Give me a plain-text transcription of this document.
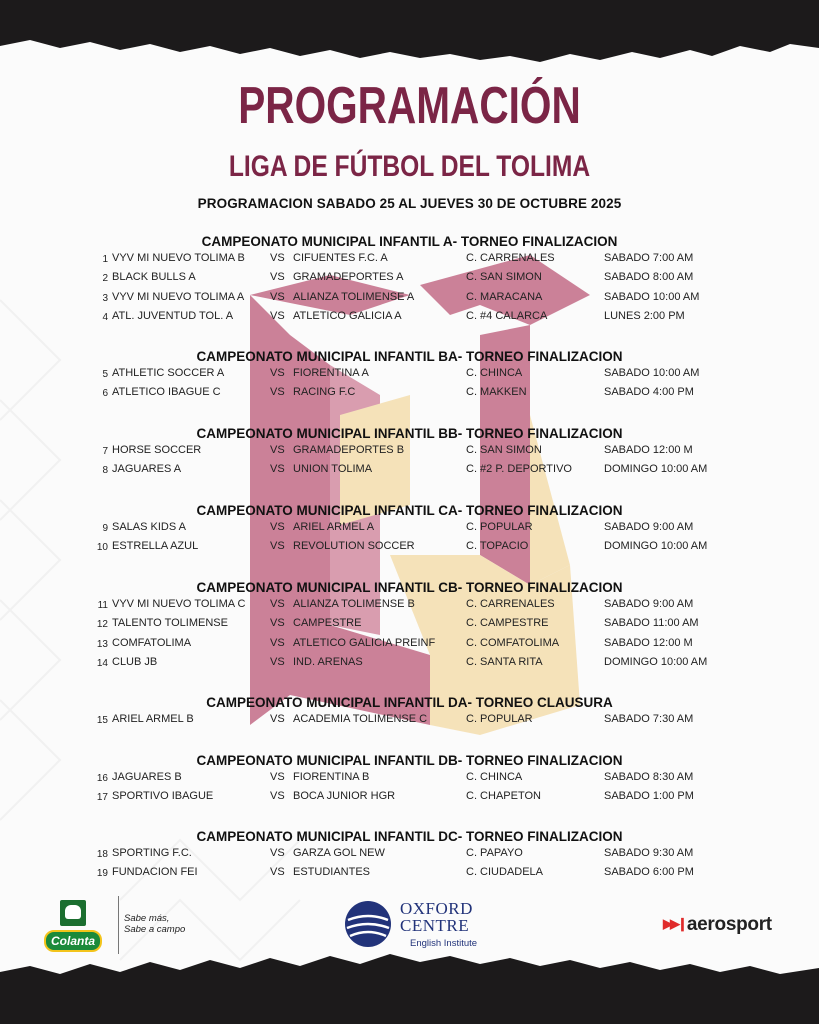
PROGRAMACIÓN
LIGA DE FÚTBOL DEL TOLIMA
PROGRAMACION SABADO 25 AL JUEVES 30 DE OCTUBRE 2025
CAMPEONATO MUNICIPAL INFANTIL A- TORNEO FINALIZACION
1 VYV MI NUEVO TOLIMA B VS CIFUENTES F.C. A	C. CARRENALES	SABADO 7:00 AM
2 BLACK BULLS A	VS GRAMADEPORTES A	C. SAN SIMON	SABADO 8:00 AM
3 VYV MI NUEVO TOLIMA A VS ALIANZA TOLIMENSE A	C. MARACANA	SABADO 10:00 AM
4 ATL. JUVENTUD TOL. A	VS ATLETICO GALICIA A	C. #4 CALARCA	LUNES 2:00 PM
CAMPEONATO MUNICIPAL INFANTIL BA- TORNEO FINALIZACION
5 ATHLETIC SOCCER A	VS FIORENTINA A	C. CHINCA	SABADO 10:00 AM
6 ATLETICO IBAGUE C	VS RACING F.C	C. MAKKEN	SABADO 4:00 PM
CAMPEONATO MUNICIPAL INFANTIL BB- TORNEO FINALIZACION
7 HORSE SOCCER	VS GRAMADEPORTES B	C. SAN SIMON	SABADO 12:00 M
8 JAGUARES A	VS UNION TOLIMA	C. #2 P. DEPORTIVO	DOMINGO 10:00 AM
CAMPEONATO MUNICIPAL INFANTIL CA- TORNEO FINALIZACION
9 SALAS KIDS A	VS ARIEL ARMEL A	C. POPULAR	SABADO 9:00 AM
10 ESTRELLA AZUL	VS REVOLUTION SOCCER	C. TOPACIO	DOMINGO 10:00 AM
CAMPEONATO MUNICIPAL INFANTIL CB- TORNEO FINALIZACION
11 VYV MI NUEVO TOLIMA C VS ALIANZA TOLIMENSE B	C. CARRENALES	SABADO 9:00 AM
12 TALENTO TOLIMENSE	VS CAMPESTRE	C. CAMPESTRE	SABADO 11:00 AM
13 COMFATOLIMA	VS ATLETICO GALICIA PREINF	C. COMFATOLIMA	SABADO 12:00 M
14 CLUB JB	VS IND. ARENAS	C. SANTA RITA	DOMINGO 10:00 AM
CAMPEONATO MUNICIPAL INFANTIL DA- TORNEO CLAUSURA
15 ARIEL ARMEL B	VS ACADEMIA TOLIMENSE C	C. POPULAR	SABADO 7:30 AM
CAMPEONATO MUNICIPAL INFANTIL DB- TORNEO FINALIZACION
16 JAGUARES B	VS FIORENTINA B	C. CHINCA	SABADO 8:30 AM
17 SPORTIVO IBAGUE	VS BOCA JUNIOR HGR	C. CHAPETON	SABADO 1:00 PM
CAMPEONATO MUNICIPAL INFANTIL DC- TORNEO FINALIZACION
18 SPORTING F.C.	VS GARZA GOL NEW	C. PAPAYO	SABADO 9:30 AM
19 FUNDACION FEI	VS ESTUDIANTES	C. CIUDADELA	SABADO 6:00 PM
Colanta
Sabe más,
Sabe a campo
OXFORD
CENTRE
English Institute
▶▶❙ aerosport
